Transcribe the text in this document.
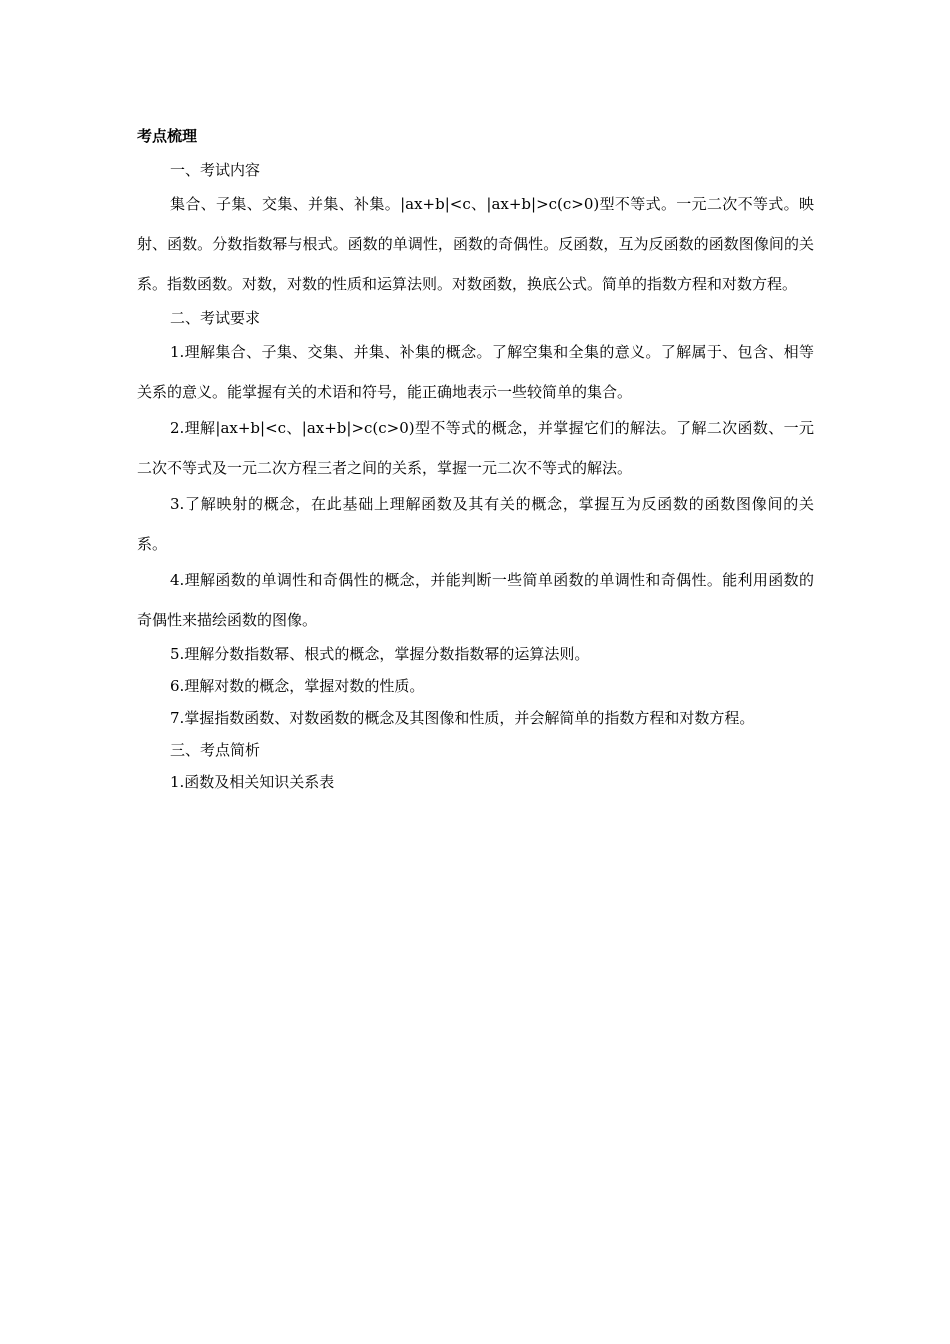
考点梳理
一、考试内容
集合、子集、交集、并集、补集。|ax+b|<c、|ax+b|>c(c>0)型不等式。一元二次不等式。映射、函数。分数指数幂与根式。函数的单调性，函数的奇偶性。反函数，互为反函数的函数图像间的关系。指数函数。对数，对数的性质和运算法则。对数函数，换底公式。简单的指数方程和对数方程。
二、考试要求
1.理解集合、子集、交集、并集、补集的概念。了解空集和全集的意义。了解属于、包含、相等关系的意义。能掌握有关的术语和符号，能正确地表示一些较简单的集合。
2.理解|ax+b|<c、|ax+b|>c(c>0)型不等式的概念，并掌握它们的解法。了解二次函数、一元二次不等式及一元二次方程三者之间的关系，掌握一元二次不等式的解法。
3.了解映射的概念，在此基础上理解函数及其有关的概念，掌握互为反函数的函数图像间的关系。
4.理解函数的单调性和奇偶性的概念，并能判断一些简单函数的单调性和奇偶性。能利用函数的奇偶性来描绘函数的图像。
5.理解分数指数幂、根式的概念，掌握分数指数幂的运算法则。
6.理解对数的概念，掌握对数的性质。
7.掌握指数函数、对数函数的概念及其图像和性质，并会解简单的指数方程和对数方程。
三、考点简析
1.函数及相关知识关系表
